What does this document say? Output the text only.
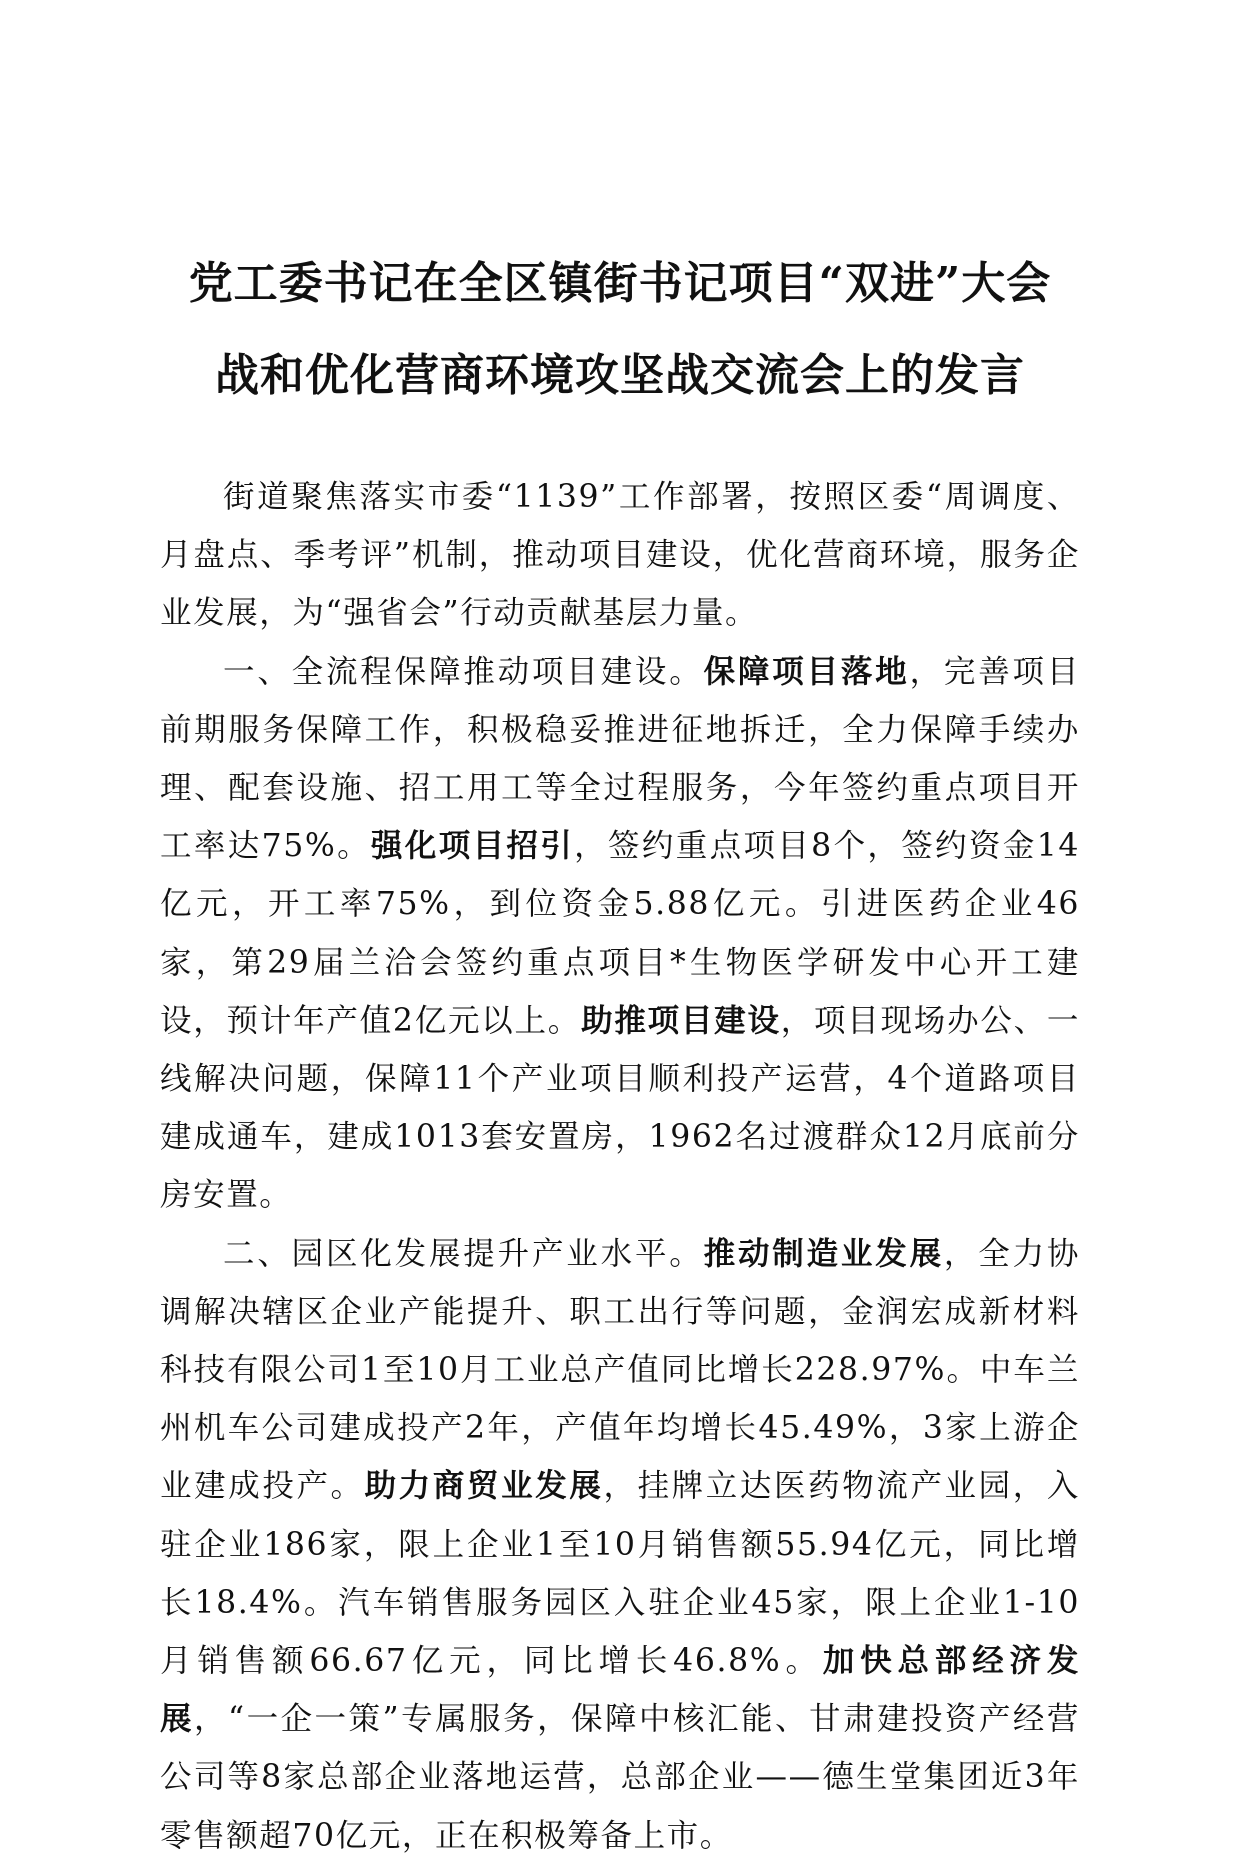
党工委书记在全区镇街书记项目“双进”大会
战和优化营商环境攻坚战交流会上的发言

街道聚焦落实市委“1139”工作部署，按照区委“周调度、月盘点、季考评”机制，推动项目建设，优化营商环境，服务企业发展，为“强省会”行动贡献基层力量。

一、全流程保障推动项目建设。保障项目落地，完善项目前期服务保障工作，积极稳妥推进征地拆迁，全力保障手续办理、配套设施、招工用工等全过程服务，今年签约重点项目开工率达75%。强化项目招引，签约重点项目8个，签约资金14亿元，开工率75%，到位资金5.88亿元。引进医药企业46家，第29届兰洽会签约重点项目*生物医学研发中心开工建设，预计年产值2亿元以上。助推项目建设，项目现场办公、一线解决问题，保障11个产业项目顺利投产运营，4个道路项目建成通车，建成1013套安置房，1962名过渡群众12月底前分房安置。

二、园区化发展提升产业水平。推动制造业发展，全力协调解决辖区企业产能提升、职工出行等问题，金润宏成新材料科技有限公司1至10月工业总产值同比增长228.97%。中车兰州机车公司建成投产2年，产值年均增长45.49%，3家上游企业建成投产。助力商贸业发展，挂牌立达医药物流产业园，入驻企业186家，限上企业1至10月销售额55.94亿元，同比增长18.4%。汽车销售服务园区入驻企业45家，限上企业1-10月销售额66.67亿元，同比增长46.8%。加快总部经济发展，“一企一策”专属服务，保障中核汇能、甘肃建投资产经营公司等8家总部企业落地运营，总部企业——德生堂集团近3年零售额超70亿元，正在积极筹备上市。
